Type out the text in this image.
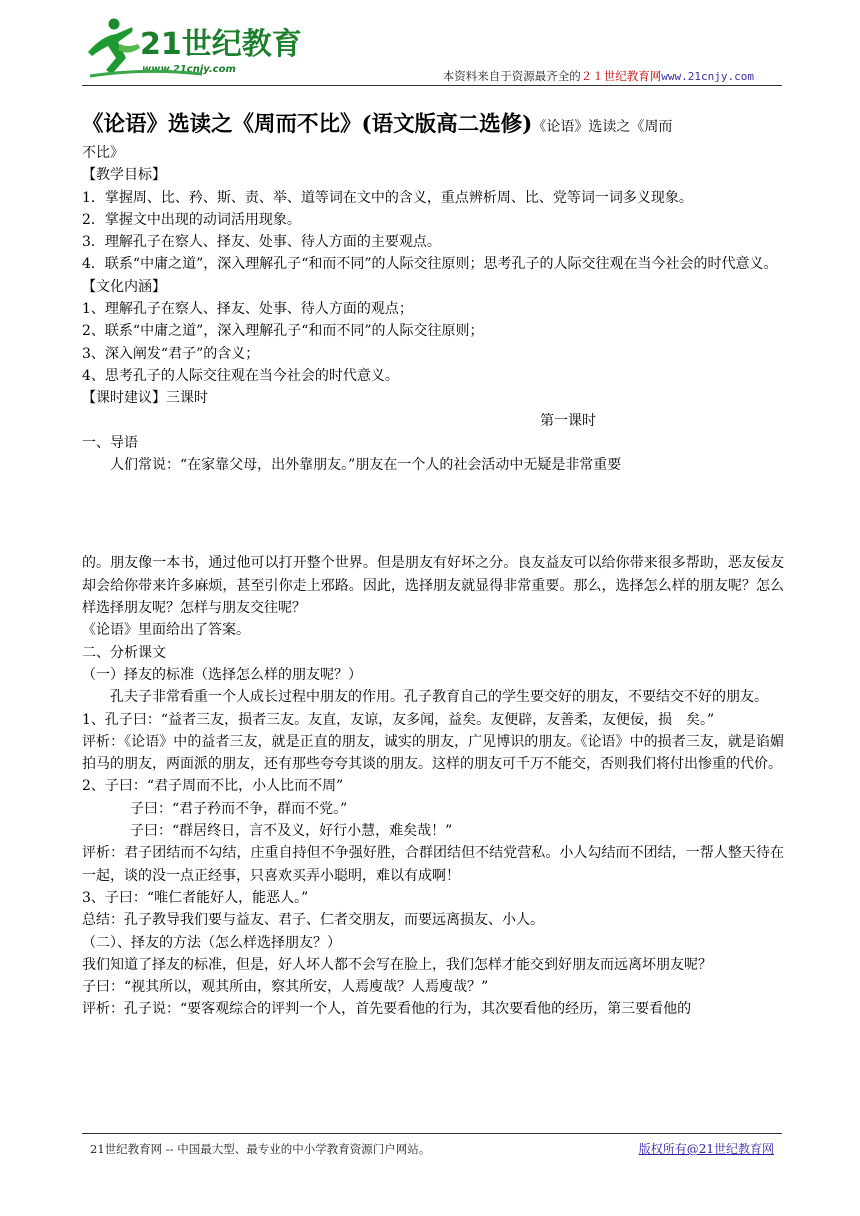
21世纪教育
www.21cnjy.com	本资料来自于资源最齐全的２１世纪教育网www.21cnjy.com

《论语》选读之《周而不比》(语文版高二选修)《论语》选读之《周而

不比》

【教学目标】

1．掌握周、比、矜、斯、责、举、道等词在文中的含义，重点辨析周、比、党等词一词多义现象。

2．掌握文中出现的动词活用现象。

3．理解孔子在察人、择友、处事、待人方面的主要观点。

4．联系“中庸之道”，深入理解孔子“和而不同”的人际交往原则；思考孔子的人际交往观在当今社会的时代意义。

【文化内涵】

1、理解孔子在察人、择友、处事、待人方面的观点；

2、联系“中庸之道”，深入理解孔子“和而不同”的人际交往原则；

3、深入阐发“君子”的含义；

4、思考孔子的人际交往观在当今社会的时代意义。

【课时建议】三课时

第一课时

一、导语

人们常说：“在家靠父母，出外靠朋友。”朋友在一个人的社会活动中无疑是非常重要

的。朋友像一本书，通过他可以打开整个世界。但是朋友有好坏之分。良友益友可以给你带来很多帮助，恶友佞友却会给你带来许多麻烦，甚至引你走上邪路。因此，选择朋友就显得非常重要。那么，选择怎么样的朋友呢？怎么样选择朋友呢？怎样与朋友交往呢？

《论语》里面给出了答案。

二、分析课文

（一）择友的标准（选择怎么样的朋友呢？）

孔夫子非常看重一个人成长过程中朋友的作用。孔子教育自己的学生要交好的朋友，不要结交不好的朋友。

1、孔子曰：“益者三友，损者三友。友直，友谅，友多闻，益矣。友便辟，友善柔，友便佞，损　矣。”

评析：《论语》中的益者三友，就是正直的朋友，诚实的朋友，广见博识的朋友。《论语》中的损者三友，就是谄媚拍马的朋友，两面派的朋友，还有那些夸夸其谈的朋友。这样的朋友可千万不能交，否则我们将付出惨重的代价。

2、子曰：“君子周而不比，小人比而不周”

子曰：“君子矜而不争，群而不党。”

子曰：“群居终日，言不及义，好行小慧，难矣哉！”

评析：君子团结而不勾结，庄重自持但不争强好胜，合群团结但不结党营私。小人勾结而不团结，一帮人整天待在一起，谈的没一点正经事，只喜欢买弄小聪明，难以有成啊！

3、子曰：“唯仁者能好人，能恶人。”

总结：孔子教导我们要与益友、君子、仁者交朋友，而要远离损友、小人。

（二）、择友的方法（怎么样选择朋友？）

我们知道了择友的标准，但是，好人坏人都不会写在脸上，我们怎样才能交到好朋友而远离坏朋友呢？

子曰：“视其所以，观其所由，察其所安，人焉廋哉？人焉廋哉？”

评析：孔子说：“要客观综合的评判一个人，首先要看他的行为，其次要看他的经历，第三要看他的

21世纪教育网 -- 中国最大型、最专业的中小学教育资源门户网站。	版权所有@21世纪教育网
